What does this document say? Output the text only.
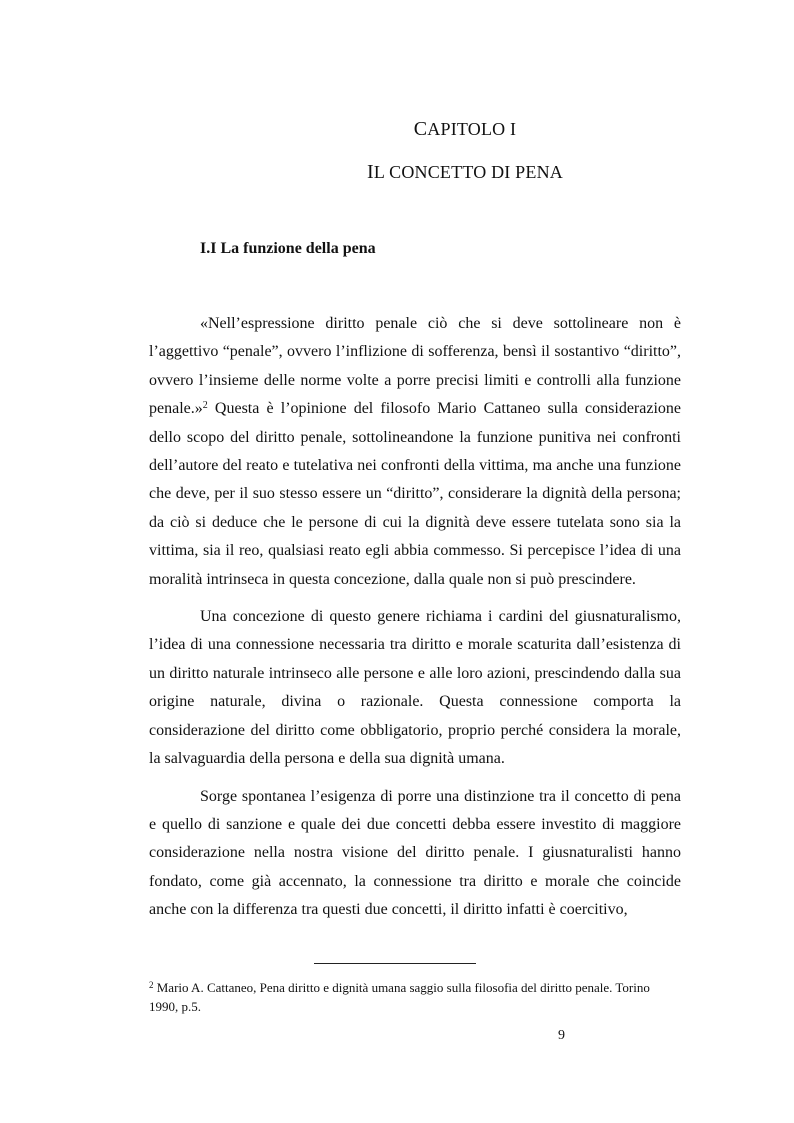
CAPITOLO I
IL CONCETTO DI PENA
I.I La funzione della pena

«Nell’espressione diritto penale ciò che si deve sottolineare non è l’aggettivo “penale”, ovvero l’inflizione di sofferenza, bensì il sostantivo “diritto”, ovvero l’insieme delle norme volte a porre precisi limiti e controlli alla funzione penale.»$^2$ Questa è l’opinione del filosofo Mario Cattaneo sulla considerazione dello scopo del diritto penale, sottolineandone la funzione punitiva nei confronti dell’autore del reato e tutelativa nei confronti della vittima, ma anche una funzione che deve, per il suo stesso essere un “diritto”, considerare la dignità della persona; da ciò si deduce che le persone di cui la dignità deve essere tutelata sono sia la vittima, sia il reo, qualsiasi reato egli abbia commesso. Si percepisce l’idea di una moralità intrinseca in questa concezione, dalla quale non si può prescindere.

Una concezione di questo genere richiama i cardini del giusnaturalismo, l’idea di una connessione necessaria tra diritto e morale scaturita dall’esistenza di un diritto naturale intrinseco alle persone e alle loro azioni, prescindendo dalla sua origine naturale, divina o razionale. Questa connessione comporta la considerazione del diritto come obbligatorio, proprio perché considera la morale, la salvaguardia della persona e della sua dignità umana.

Sorge spontanea l’esigenza di porre una distinzione tra il concetto di pena e quello di sanzione e quale dei due concetti debba essere investito di maggiore considerazione nella nostra visione del diritto penale. I giusnaturalisti hanno fondato, come già accennato, la connessione tra diritto e morale che coincide anche con la differenza tra questi due concetti, il diritto infatti è coercitivo,

$^2$ Mario A. Cattaneo, Pena diritto e dignità umana saggio sulla filosofia del diritto penale. Torino 1990, p.5.
9
